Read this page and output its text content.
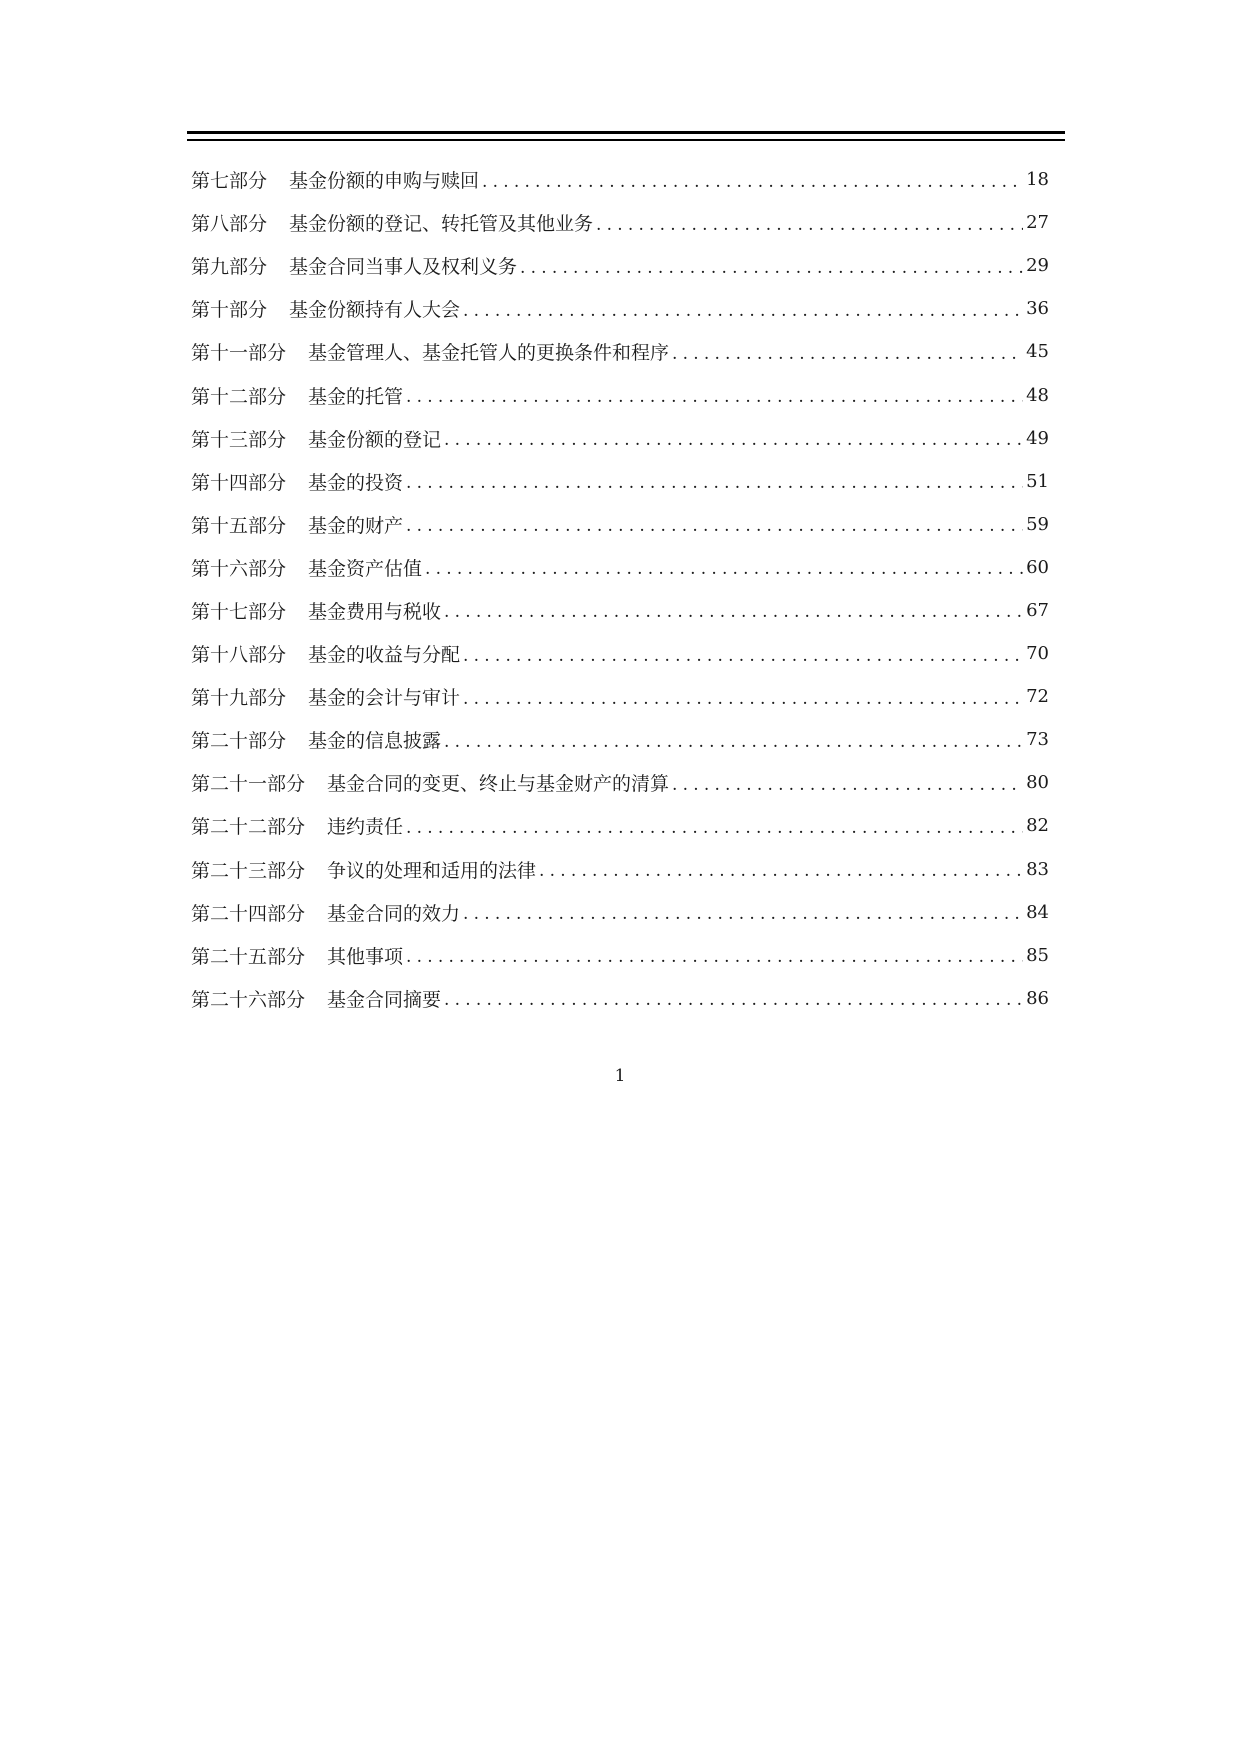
第七部分 基金份额的申购与赎回 .....	18
第八部分 基金份额的登记、转托管及其他业务 .....	27
第九部分 基金合同当事人及权利义务 .....	29
第十部分 基金份额持有人大会 .....	36
第十一部分 基金管理人、基金托管人的更换条件和程序 .....	45
第十二部分 基金的托管 .....	48
第十三部分 基金份额的登记 .....	49
第十四部分 基金的投资 .....	51
第十五部分 基金的财产 .....	59
第十六部分 基金资产估值 .....	60
第十七部分 基金费用与税收 .....	67
第十八部分 基金的收益与分配 .....	70
第十九部分 基金的会计与审计 .....	72
第二十部分 基金的信息披露 .....	73
第二十一部分 基金合同的变更、终止与基金财产的清算 .....	80
第二十二部分 违约责任 .....	82
第二十三部分 争议的处理和适用的法律 .....	83
第二十四部分 基金合同的效力 .....	84
第二十五部分 其他事项 .....	85
第二十六部分 基金合同摘要 .....	86
1
